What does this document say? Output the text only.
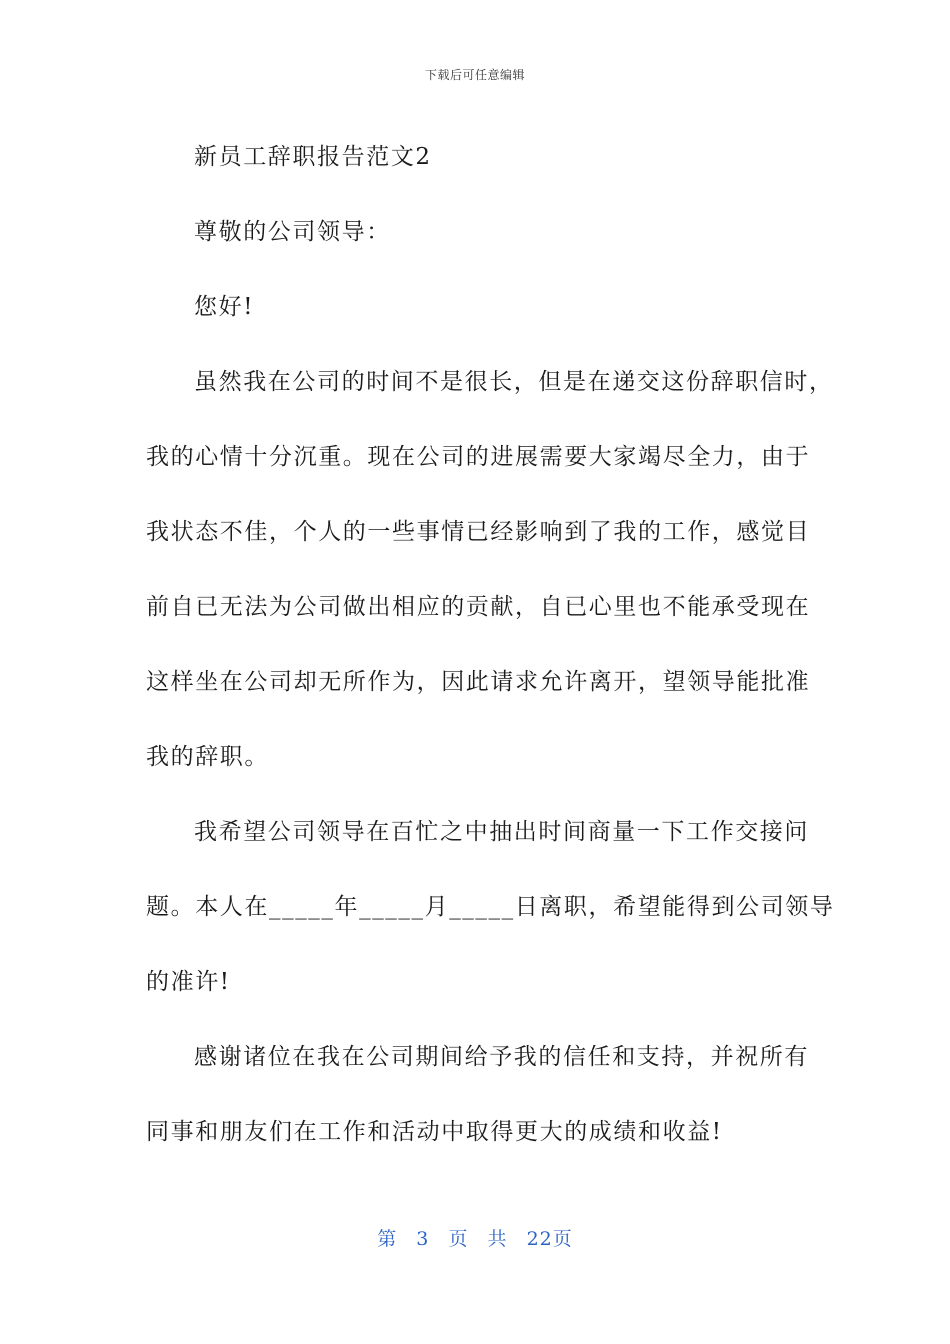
下载后可任意编辑
新员工辞职报告范文2
尊敬的公司领导：
您好!
虽然我在公司的时间不是很长，但是在递交这份辞职信时，
我的心情十分沉重。现在公司的进展需要大家竭尽全力，由于
我状态不佳，个人的一些事情已经影响到了我的工作，感觉目
前自已无法为公司做出相应的贡献，自已心里也不能承受现在
这样坐在公司却无所作为，因此请求允许离开，望领导能批准
我的辞职。
我希望公司领导在百忙之中抽出时间商量一下工作交接问
题。本人在_____年_____月_____日离职，希望能得到公司领导
的准许!
感谢诸位在我在公司期间给予我的信任和支持，并祝所有
同事和朋友们在工作和活动中取得更大的成绩和收益!
第 3 页 共 22页
